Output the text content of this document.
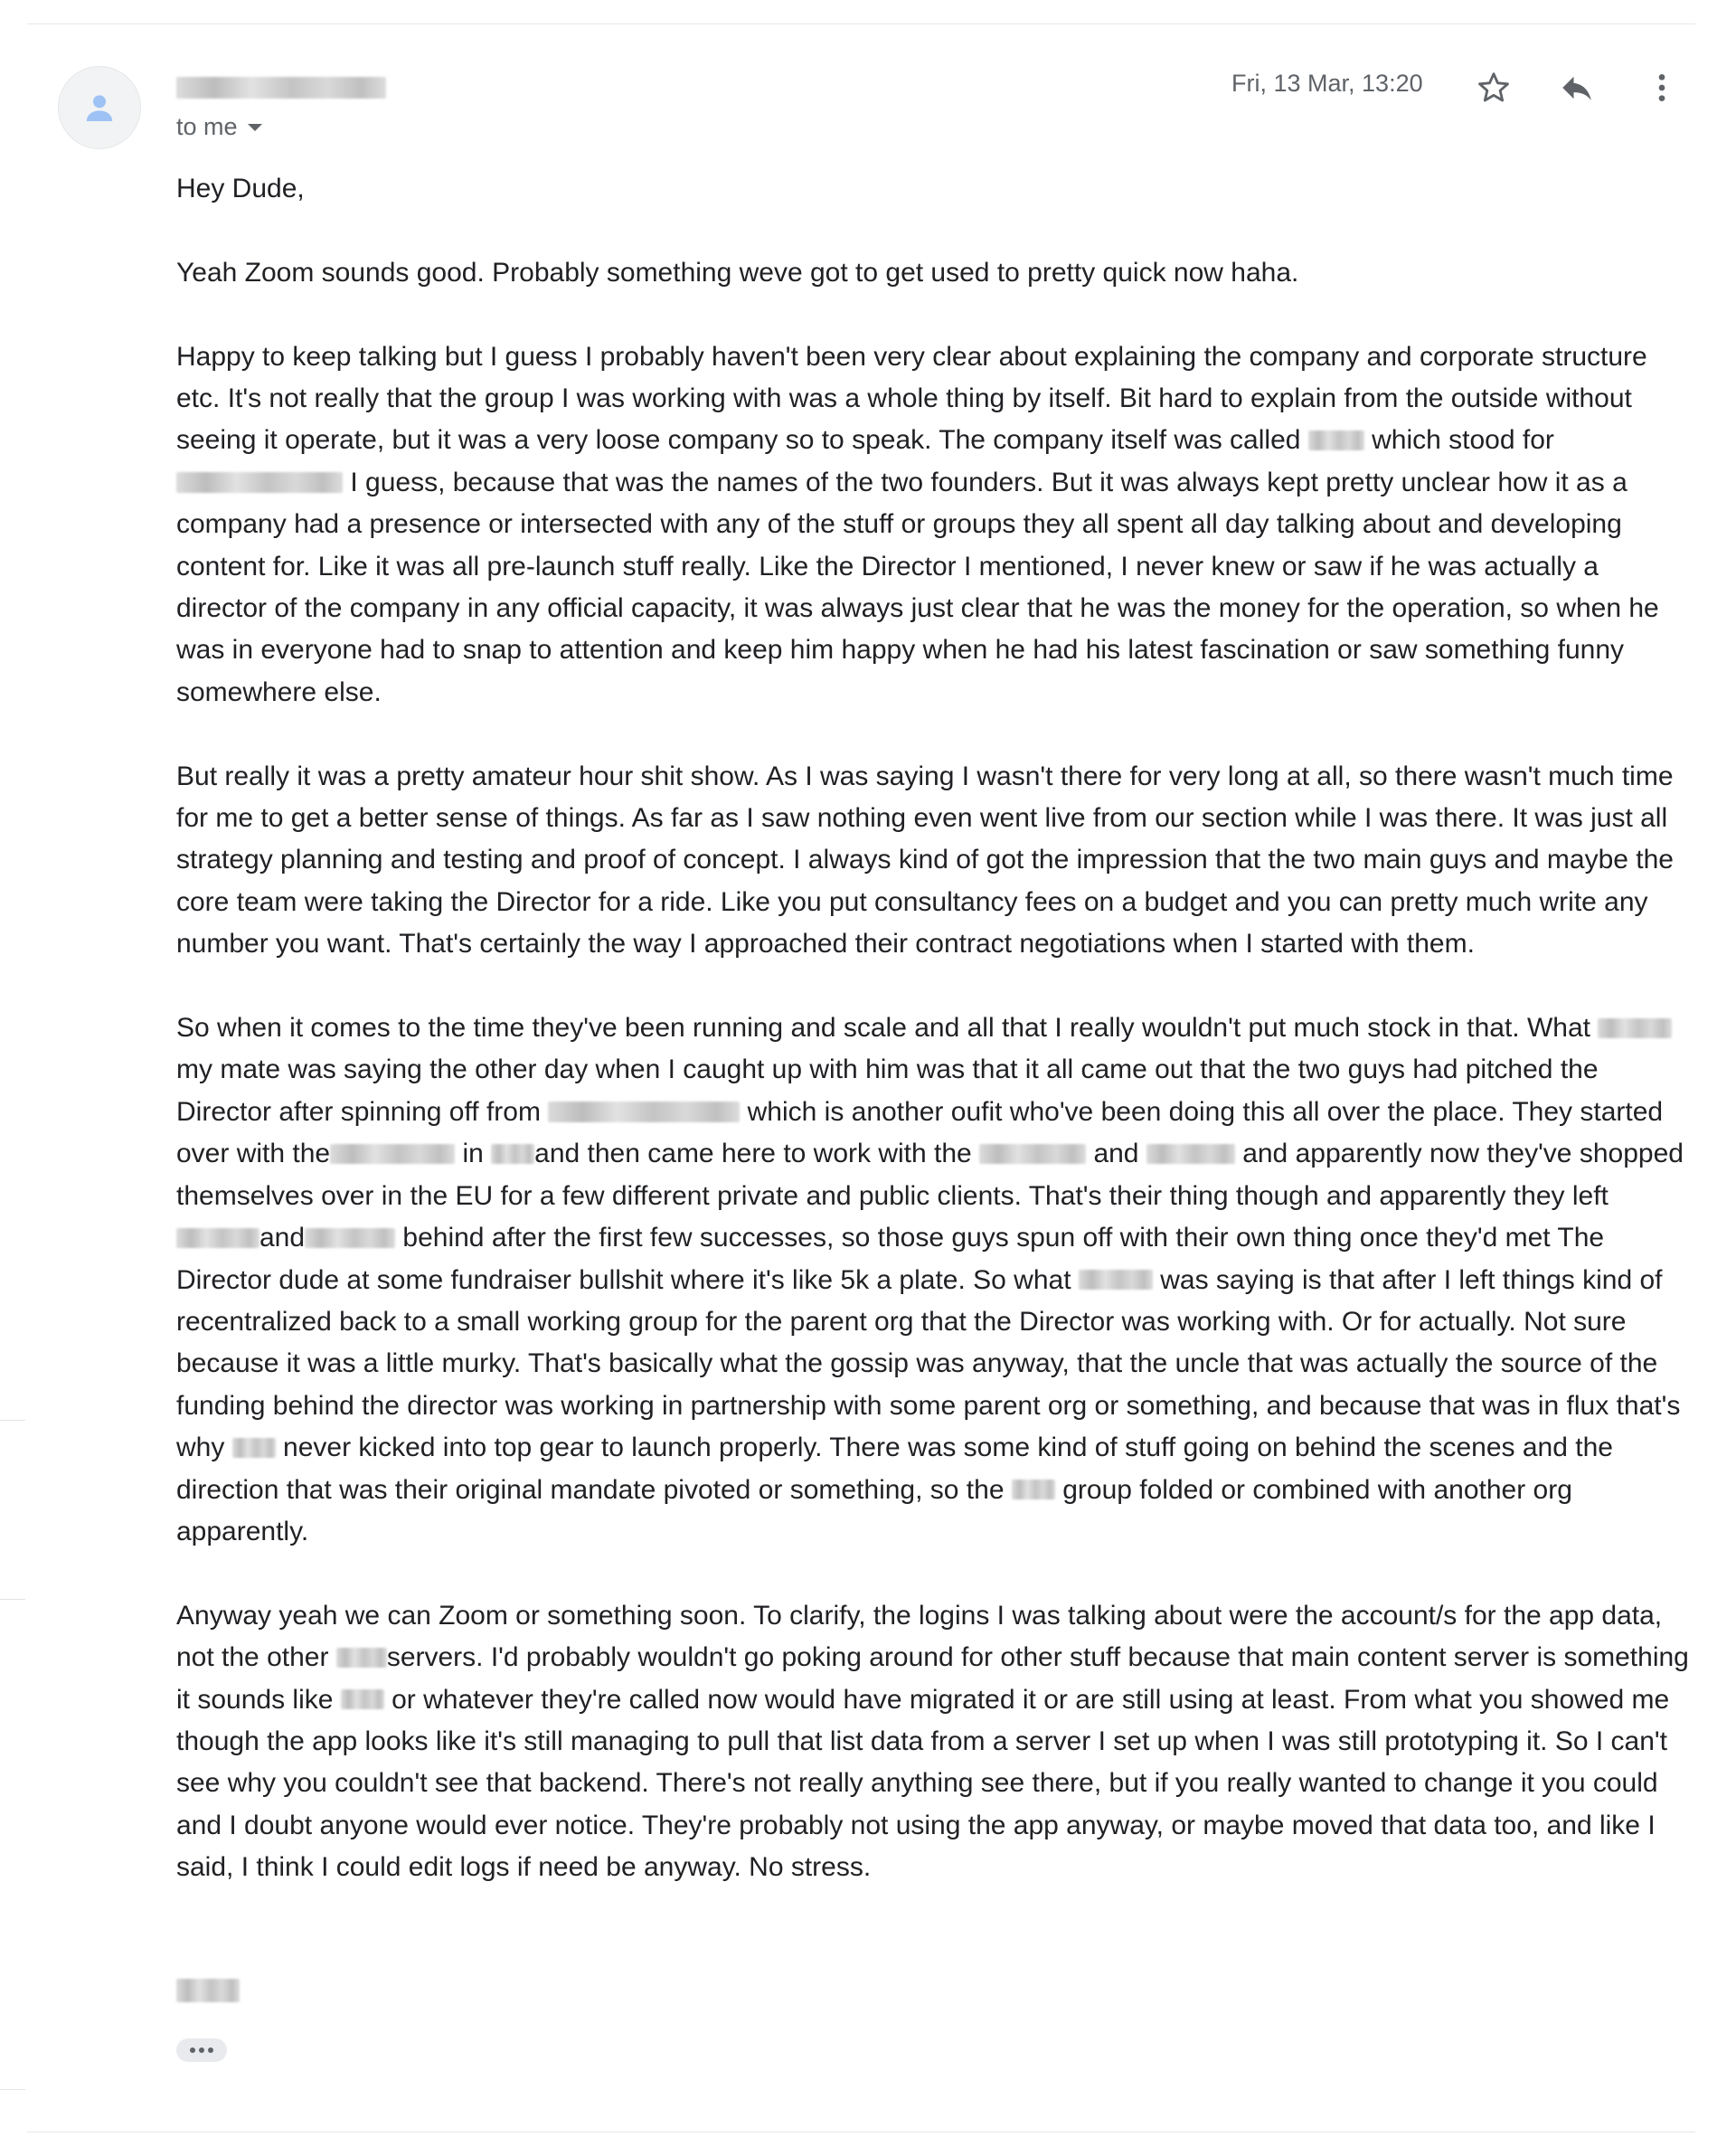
to me
Fri, 13 Mar, 13:20

Hey Dude,

Yeah Zoom sounds good. Probably something weve got to get used to pretty quick now haha.

Happy to keep talking but I guess I probably haven't been very clear about explaining the company and corporate structure etc. It's not really that the group I was working with was a whole thing by itself. Bit hard to explain from the outside without seeing it operate, but it was a very loose company so to speak. The company itself was called	which stood for  I guess, because that was the names of the two founders. But it was always kept pretty unclear how it as a company had a presence or intersected with any of the stuff or groups they all spent all day talking about and developing content for. Like it was all pre-launch stuff really. Like the Director I mentioned, I never knew or saw if he was actually a director of the company in any official capacity, it was always just clear that he was the money for the operation, so when he was in everyone had to snap to attention and keep him happy when he had his latest fascination or saw something funny somewhere else.

But really it was a pretty amateur hour shit show. As I was saying I wasn't there for very long at all, so there wasn't much time for me to get a better sense of things. As far as I saw nothing even went live from our section while I was there. It was just all strategy planning and testing and proof of concept. I always kind of got the impression that the two main guys and maybe the core team were taking the Director for a ride. Like you put consultancy fees on a budget and you can pretty much write any number you want. That's certainly the way I approached their contract negotiations when I started with them.

So when it comes to the time they've been running and scale and all that I really wouldn't put much stock in that. What my mate was saying the other day when I caught up with him was that it all came out that the two guys had pitched the Director after spinning off from	which is another oufit who've been doing this all over the place. They started over with the	in and then came here to work with the	and	and apparently now they've shopped themselves over in the EU for a few different private and public clients. That's their thing though and apparently they left and	behind after the first few successes, so those guys spun off with their own thing once they'd met The Director dude at some fundraiser bullshit where it's like 5k a plate. So what	was saying is that after I left things kind of recentralized back to a small working group for the parent org that the Director was working with. Or for actually. Not sure because it was a little murky. That's basically what the gossip was anyway, that the uncle that was actually the source of the funding behind the director was working in partnership with some parent org or something, and because that was in flux that's why never kicked into top gear to launch properly. There was some kind of stuff going on behind the scenes and the direction that was their original mandate pivoted or something, so the group folded or combined with another org apparently.

Anyway yeah we can Zoom or something soon. To clarify, the logins I was talking about were the account/s for the app data, not the other servers. I'd probably wouldn't go poking around for other stuff because that main content server is something it sounds like or whatever they're called now would have migrated it or are still using at least. From what you showed me though the app looks like it's still managing to pull that list data from a server I set up when I was still prototyping it. So I can't see why you couldn't see that backend. There's not really anything see there, but if you really wanted to change it you could and I doubt anyone would ever notice. They're probably not using the app anyway, or maybe moved that data too, and like I said, I think I could edit logs if need be anyway. No stress.
